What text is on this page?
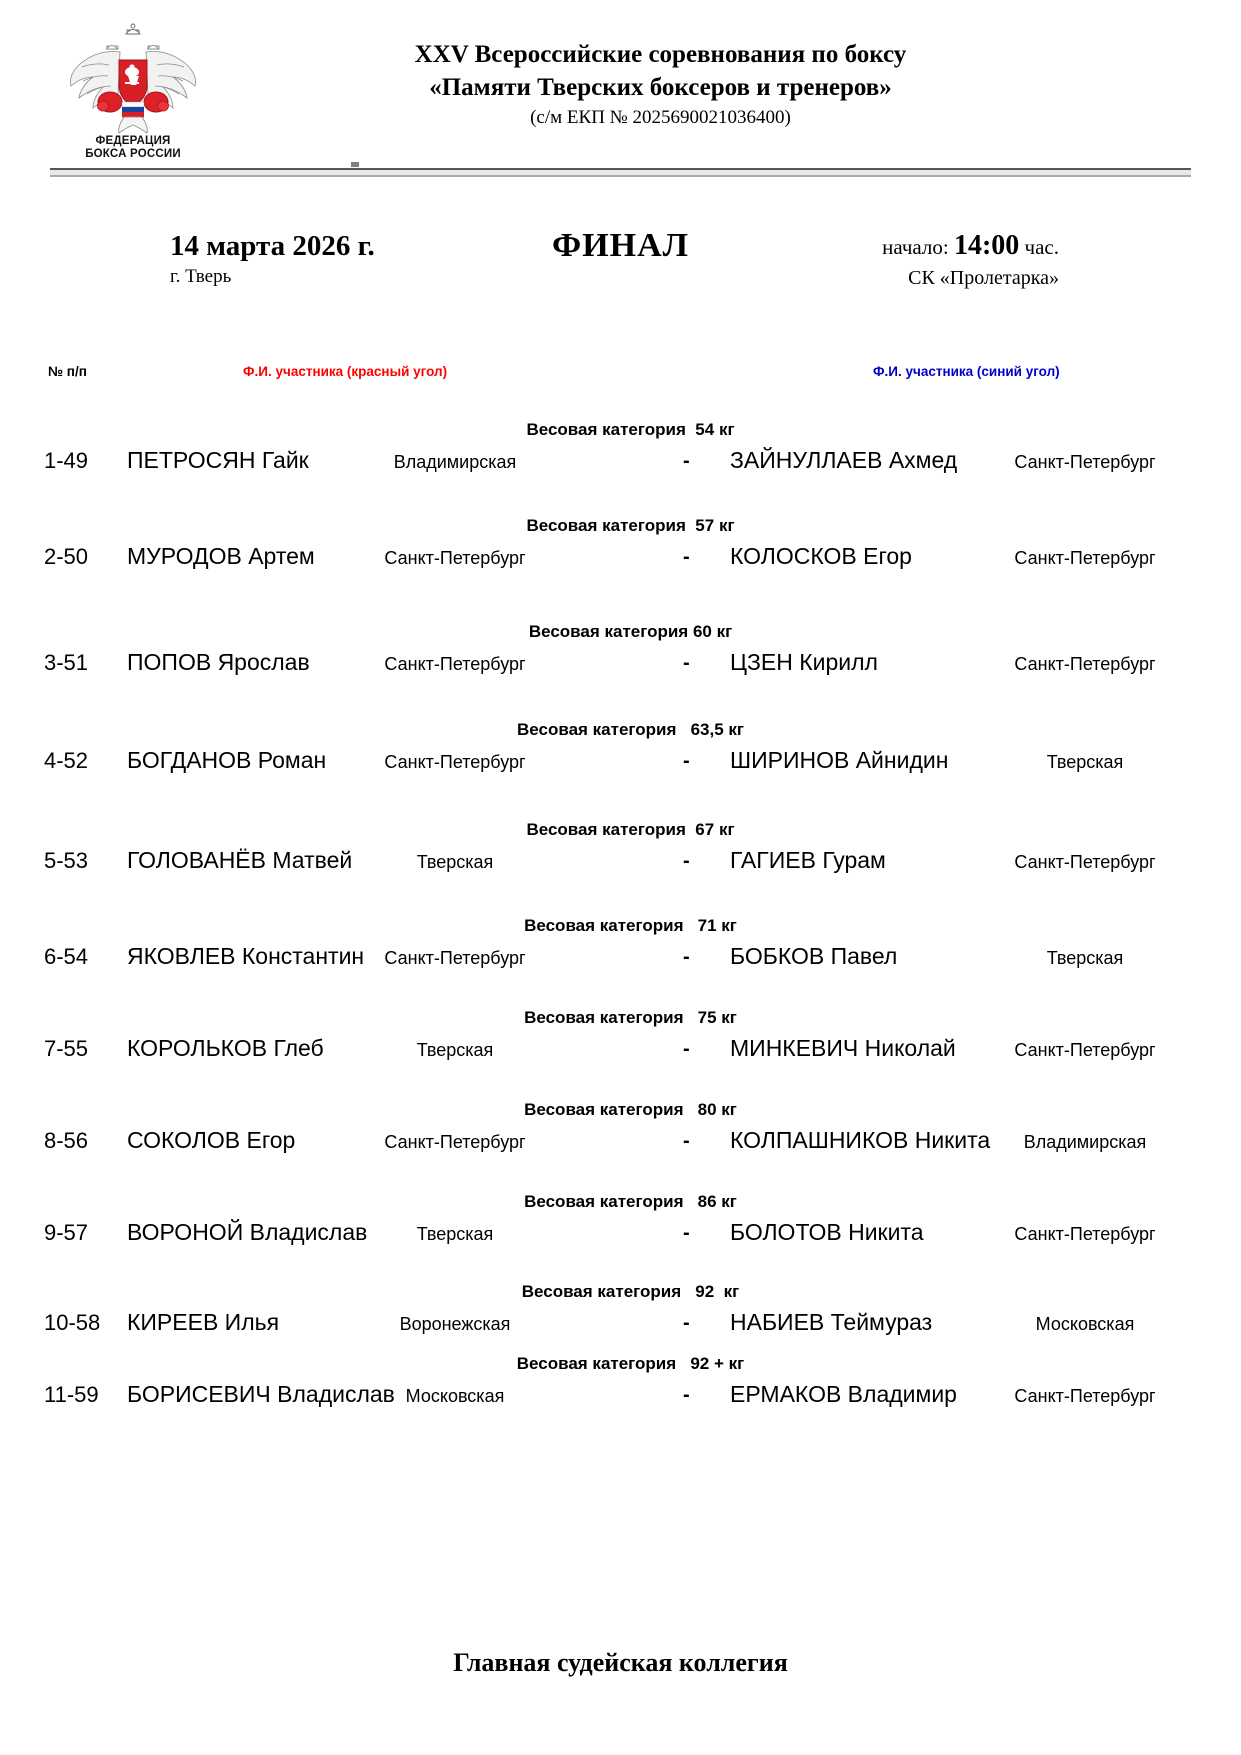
ФЕДЕРАЦИЯ
БОКСА РОССИИ
XXV Всероссийские соревнования по боксу
«Памяти Тверских боксеров и тренеров»
(с/м ЕКП № 2025690021036400)
14 марта 2026 г.
г. Тверь
ФИНАЛ	начало: 14:00 час.
СК «Пролетарка»
№ п/п	Ф.И. участника (красный угол)	Ф.И. участника (синий угол)
Весовая категория  54 кг
1-49 ПЕТРОСЯН Гайк	Владимирская	- ЗАЙНУЛЛАЕВ Ахмед	Санкт-Петербург
Весовая категория  57 кг
2-50 МУРОДОВ Артем	Санкт-Петербург	- КОЛОСКОВ Егор	Санкт-Петербург
Весовая категория 60 кг
3-51 ПОПОВ Ярослав	Санкт-Петербург	- ЦЗЕН Кирилл	Санкт-Петербург
Весовая категория   63,5 кг
4-52 БОГДАНОВ Роман	Санкт-Петербург	- ШИРИНОВ Айнидин	Тверская
Весовая категория  67 кг
5-53 ГОЛОВАНЁВ Матвей	Тверская	- ГАГИЕВ Гурам	Санкт-Петербург
Весовая категория   71 кг
6-54 ЯКОВЛЕВ Константин Санкт-Петербург	- БОБКОВ Павел	Тверская
Весовая категория   75 кг
7-55 КОРОЛЬКОВ Глеб	Тверская	- МИНКЕВИЧ Николай	Санкт-Петербург
Весовая категория   80 кг
8-56 СОКОЛОВ Егор	Санкт-Петербург	- КОЛПАШНИКОВ Никита Владимирская
Весовая категория   86 кг
9-57 ВОРОНОЙ Владислав	Тверская	- БОЛОТОВ Никита	Санкт-Петербург
Весовая категория   92  кг
10-58 КИРЕЕВ Илья	Воронежская	- НАБИЕВ Теймураз	Московская
Весовая категория   92 + кг
11-59 БОРИСЕВИЧ Владислав Московская	- ЕРМАКОВ Владимир	Санкт-Петербург
Главная судейская коллегия
